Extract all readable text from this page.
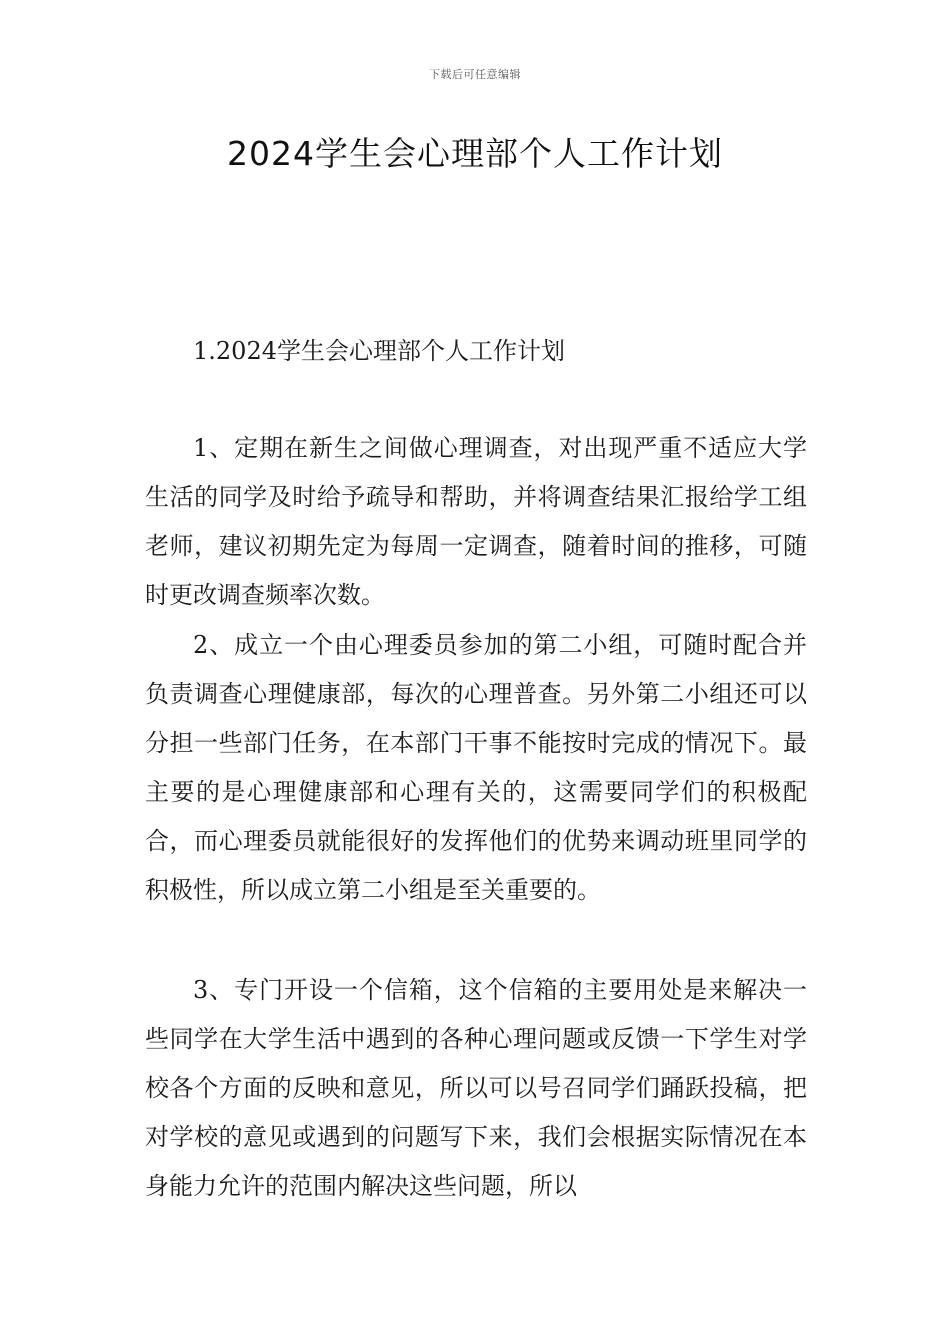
下载后可任意编辑
2024学生会心理部个人工作计划

1.2024学生会心理部个人工作计划

1、定期在新生之间做心理调查，对出现严重不适应大学生活的同学及时给予疏导和帮助，并将调查结果汇报给学工组老师，建议初期先定为每周一定调查，随着时间的推移，可随时更改调查频率次数。

2、成立一个由心理委员参加的第二小组，可随时配合并负责调查心理健康部，每次的心理普查。另外第二小组还可以分担一些部门任务，在本部门干事不能按时完成的情况下。最主要的是心理健康部和心理有关的，这需要同学们的积极配合，而心理委员就能很好的发挥他们的优势来调动班里同学的积极性，所以成立第二小组是至关重要的。

3、专门开设一个信箱，这个信箱的主要用处是来解决一些同学在大学生活中遇到的各种心理问题或反馈一下学生对学校各个方面的反映和意见，所以可以号召同学们踊跃投稿，把对学校的意见或遇到的问题写下来，我们会根据实际情况在本身能力允许的范围内解决这些问题，所以
